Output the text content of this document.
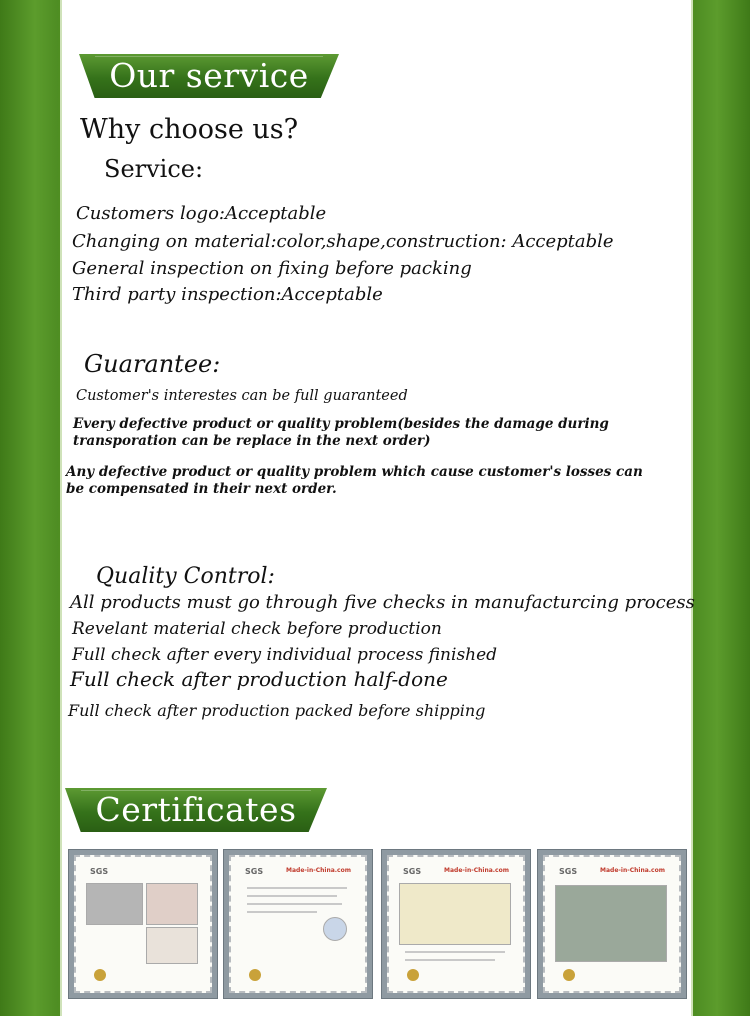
Our service
Why choose us?
Service:
Customers logo:Acceptable
Changing on material:color,shape,construction: Acceptable
General inspection on fixing before packing
Third party inspection:Acceptable
Guarantee:
Customer's interestes can be full guaranteed
Every defective product or quality problem(besides the damage during transporation can be replace in the next order)
Any defective product or quality problem which cause customer's losses can be compensated in their next order.
Quality Control:
All products must go through five checks in manufacturcing process
Revelant material check before production
Full check after every individual process finished
Full check after production half-done
Full check after production packed before shipping
Certificates
SGS	SGS	Made-in-China.com	SGS	Made-in-China.com	SGS	Made-in-China.com
